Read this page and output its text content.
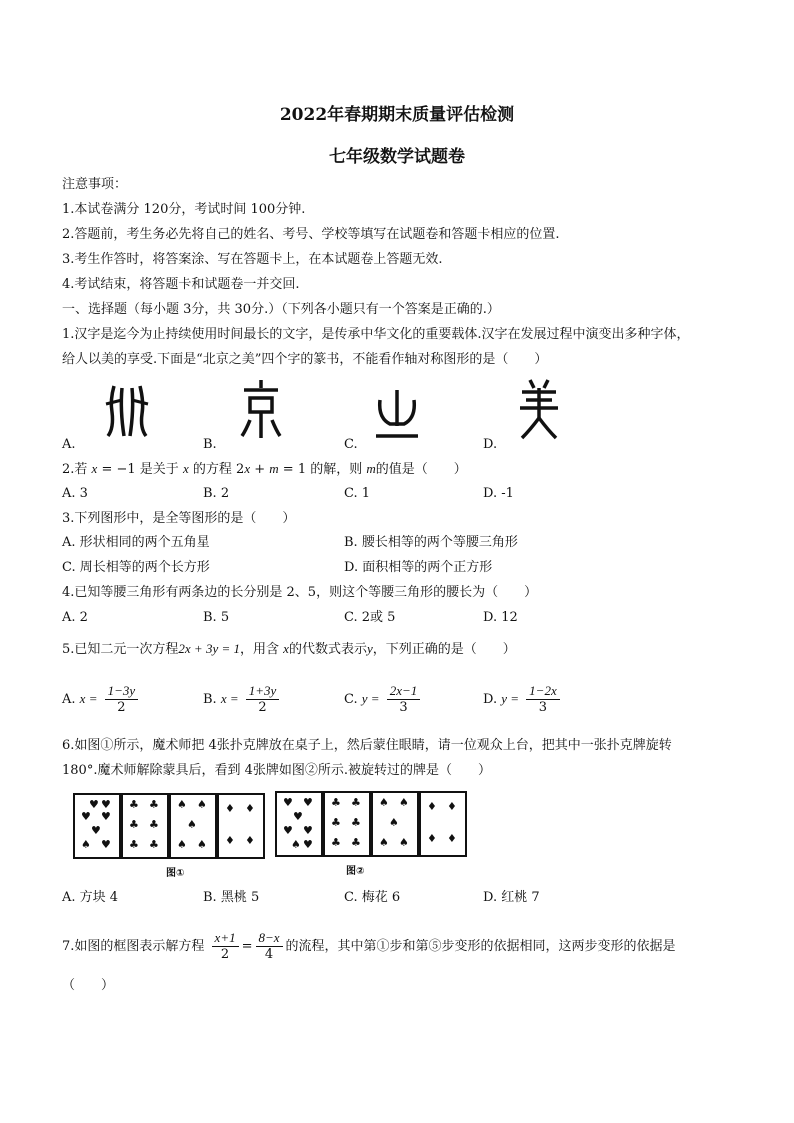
2022年春期期末质量评估检测
七年级数学试题卷
注意事项：
1.本试卷满分 120分，考试时间 100分钟.
2.答题前，考生务必先将自己的姓名、考号、学校等填写在试题卷和答题卡相应的位置.
3.考生作答时，将答案涂、写在答题卡上，在本试题卷上答题无效.
4.考试结束，将答题卡和试题卷一并交回.
一、选择题（每小题 3分，共 30分.）（下列各小题只有一个答案是正确的.）
1.汉字是迄今为止持续使用时间最长的文字，是传承中华文化的重要载体.汉字在发展过程中演变出多种字体，
给人以美的享受.下面是“北京之美”四个字的篆书，不能看作轴对称图形的是（　　）
A.	B.	C.	D.
2.若 x = −1 是关于 x 的方程 2x + m = 1 的解，则 m的值是（　　）
A. 3	B. 2	C. 1	D. -1
3.下列图形中，是全等图形的是（　　）
A. 形状相同的两个五角星	B. 腰长相等的两个等腰三角形
C. 周长相等的两个长方形	D. 面积相等的两个正方形
4.已知等腰三角形有两条边的长分别是 2、5，则这个等腰三角形的腰长为（　　）
A. 2	B. 5	C. 2或 5	D. 12
5.已知二元一次方程2x + 3y = 1，用含 x的代数式表示y，下列正确的是（　　）
A. $x = \frac{1-3y}{2}$	B. $x = \frac{1+3y}{2}$	C. $y = \frac{2x-1}{3}$	D. $y = \frac{1-2x}{3}$
6.如图①所示，魔术师把 4张扑克牌放在桌子上，然后蒙住眼睛，请一位观众上台，把其中一张扑克牌旋转
180°.魔术师解除蒙具后，看到 4张牌如图②所示.被旋转过的牌是（　　）
♥ ♥
♥ ♥
♥
♠ ♥
♣ ♣
♣ ♣
♣ ♣
♠ ♠
♠
♠ ♠
♦ ♦
♦ ♦
图①
♥ ♥
♥
♥ ♥
♠ ♥
♣ ♣
♣ ♣
♣ ♣
♠ ♠
♠
♠ ♠
♦ ♦
♦ ♦
图②
A. 方块 4	B. 黑桃 5	C. 梅花 6	D. 红桃 7
7.如图的框图表示解方程 $\frac{x+1}{2} = \frac{8-x}{4}$ 的流程，其中第①步和第⑤步变形的依据相同，这两步变形的依据是
（　　）
